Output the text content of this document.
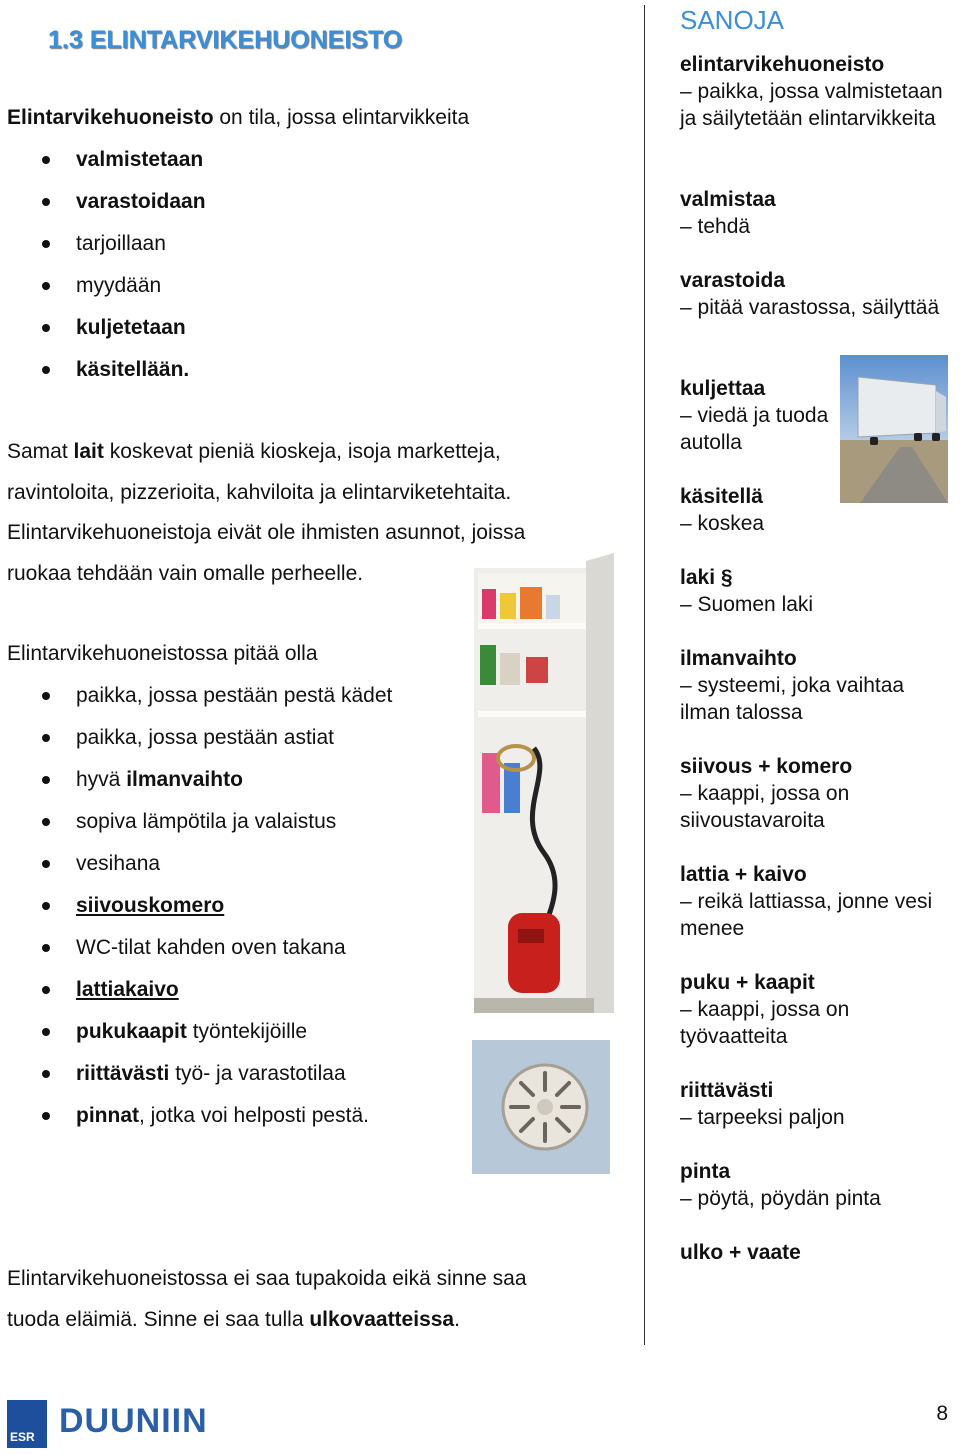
1.3 ELINTARVIKEHUONEISTO

Elintarvikehuoneisto on tila, jossa elintarvikkeita

valmistetaan
varastoidaan
tarjoillaan
myydään
kuljetetaan
käsitellään.

Samat lait koskevat pieniä kioskeja, isoja marketteja,

ravintoloita, pizzerioita, kahviloita ja elintarviketehtaita.

Elintarvikehuoneistoja eivät ole ihmisten asunnot, joissa

ruokaa tehdään vain omalle perheelle.

Elintarvikehuoneistossa pitää olla

paikka, jossa pestään pestä kädet
paikka, jossa pestään astiat
hyvä ilmanvaihto
sopiva lämpötila ja valaistus
vesihana
siivouskomero
WC-tilat kahden oven takana
lattiakaivo
pukukaapit työntekijöille
riittävästi työ- ja varastotilaa
pinnat, jotka voi helposti pestä.

Elintarvikehuoneistossa ei saa tupakoida eikä sinne saa

tuoda eläimiä. Sinne ei saa tulla ulkovaatteissa.

SANOJA
elintarvikehuoneisto
– paikka, jossa valmistetaan ja säilytetään elintarvikkeita
valmistaa
– tehdä
varastoida
– pitää varastossa, säilyttää
kuljettaa
– viedä ja tuoda autolla
käsitellä
– koskea
laki §
– Suomen laki
ilmanvaihto
– systeemi, joka vaihtaa ilman talossa
siivous + komero
– kaappi, jossa on siivoustavaroita
lattia + kaivo
– reikä lattiassa, jonne vesi menee
puku + kaapit
– kaappi, jossa on työvaatteita
riittävästi
– tarpeeksi paljon
pinta
– pöytä, pöydän pinta
ulko + vaate
ESR DUUNIIN	8
